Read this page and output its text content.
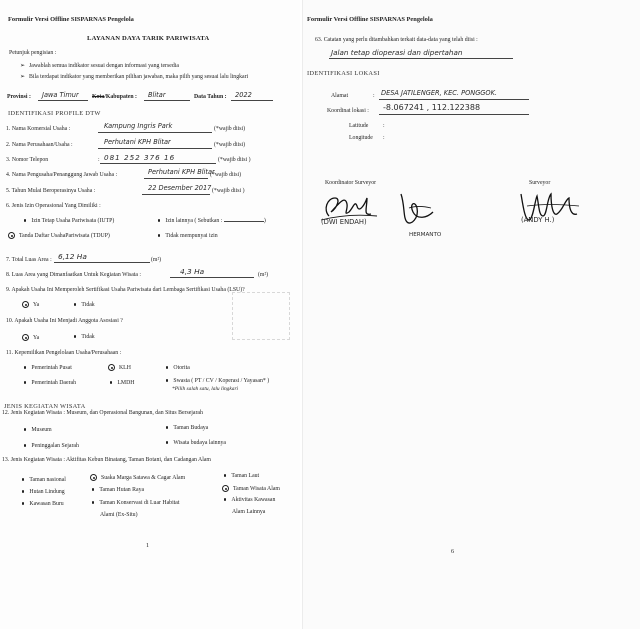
Formulir Versi Offline SISPARNAS Pengelola
LAYANAN DAYA TARIK PARIWISATA
Petunjuk pengisian :
➢ Jawablah semua indikator sesuai dengan informasi yang tersedia
➢ Bila terdapat indikator yang memberikan pilihan jawaban, maka pilih yang sesuai lalu lingkari
Provinsi : Jawa Timur Kota/Kabupaten : Blitar	Data Tahun : 2022
IDENTIFIKASI PROFILE DTW
1. Nama Komersial Usaha :	Kampung Ingris Park	(*wajib diisi)
2. Nama Perusahaan/Usaha :	Perhutani KPH Blitar	(*wajib diisi)
3. Nomor Telepon	: 081 252 376 16	(*wajib diisi )
4. Nama Pengusaha/Penanggung Jawab Usaha :	Perhutani KPH Blitar
(*wajib diisi)
5. Tahun Mulai Beroperasinya Usaha :	22 Desember 2017 (*wajib diisi )
6. Jenis Izin Operasional Yang Dimiliki :
Izin Tetap Usaha Pariwisata (IUTP)	Izin lainnya ( Sebutkan :	)
Tanda Daftar UsahaPariwisata (TDUP)	Tidak mempunyai izin
7. Total Luas Area : 6,12 Ha	(m²)
8. Luas Area yang Dimanfaatkan Untuk Kegiatan Wisata :	4,3 Ha	(m²)
9. Apakah Usaha Ini Memperoleh Sertifikasi Usaha Pariwisata dari Lembaga Sertifikasi Usaha (LSU)?
Ya	Tidak
10. Apakah Usaha Ini Menjadi Anggota Asosiasi ?
Ya	Tidak
11. Kepemilikan Pengelolaan Usaha/Perusahaan :
Pemerintah Pusat	KLH	Otorita
Pemerintah Daerah	LMDH	Swasta ( PT / CV / Koperasi / Yayasan* )
*Pilih salah satu, lalu lingkari
JENIS KEGIATAN WISATA
12. Jenis Kegiatan Wisata : Museum, dan Operasional Bangunan, dan Situs Bersejarah
Museum	Taman Budaya
Peninggalan Sejarah	Wisata budaya lainnya
13. Jenis Kegiatan Wisata : Aktifitas Kebun Binatang, Taman Botani, dan Cadangan Alam
Taman nasional
Hutan Lindung
Kawasan Buru
Suaka Marga Satawa & Cagar Alam
Taman Hutan Raya
Taman Konservasi di Luar Habitat
Alami (Ex-Situ)
Taman Laut
Taman Wisata Alam
Aktivitas Kawasan
Alam Lainnya
1
Formulir Versi Offline SISPARNAS Pengelola
63. Catatan yang perlu ditambahkan terkait data-data yang telah diisi :
Jalan tetap dioperasi dan dipertahan
IDENTIFIKASI LOKASI
Alamat	: DESA JATILENGER, KEC. PONGGOK.
Koordinat lokasi : -8.067241 , 112.122388
Latitude	:
Longitude :
Koordinator Surveyor	Surveyor
(DWI ENDAH)
HERMANTO
(ANDY H.)
6
